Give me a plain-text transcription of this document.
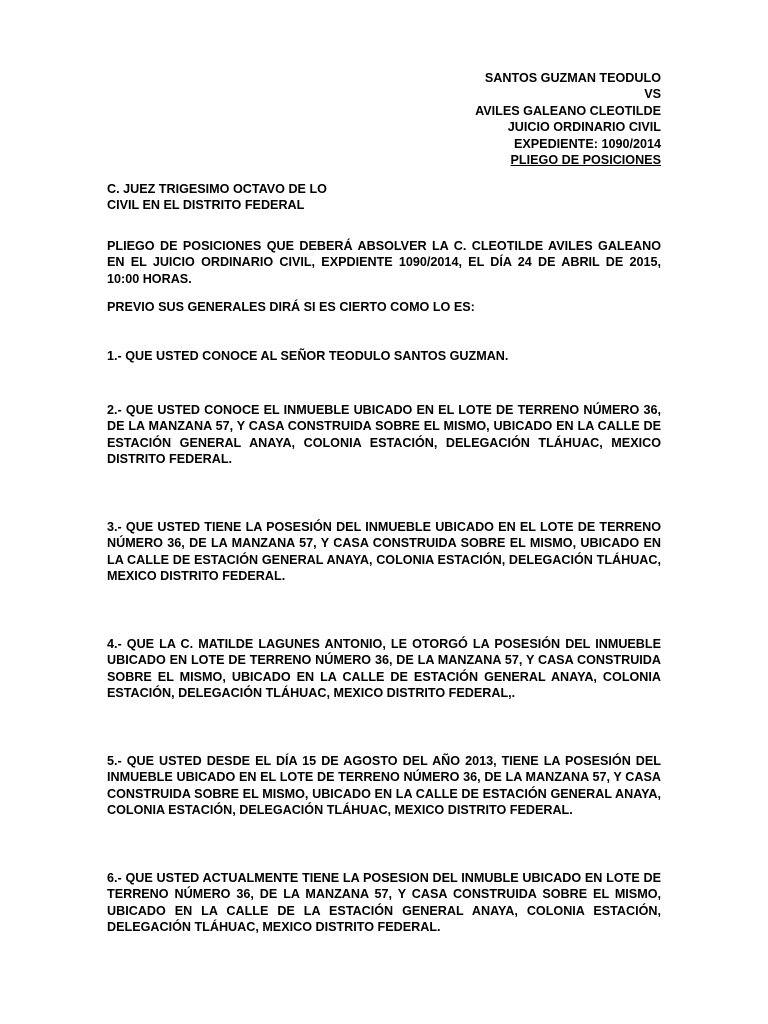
SANTOS GUZMAN TEODULO
VS
AVILES GALEANO CLEOTILDE
JUICIO ORDINARIO CIVIL
EXPEDIENTE: 1090/2014
PLIEGO DE POSICIONES
C. JUEZ TRIGESIMO OCTAVO DE LO
CIVIL EN EL DISTRITO FEDERAL

PLIEGO DE POSICIONES QUE DEBERÁ ABSOLVER LA C. CLEOTILDE AVILES GALEANO EN EL JUICIO ORDINARIO CIVIL, EXPDIENTE 1090/2014, EL DÍA 24 DE ABRIL DE 2015, 10:00 HORAS.

PREVIO SUS GENERALES DIRÁ SI ES CIERTO COMO LO ES:

1.- QUE USTED CONOCE AL SEÑOR TEODULO SANTOS GUZMAN.

2.- QUE USTED CONOCE EL INMUEBLE UBICADO EN EL LOTE DE TERRENO NÚMERO 36, DE LA MANZANA 57, Y CASA CONSTRUIDA SOBRE EL MISMO, UBICADO EN LA CALLE DE ESTACIÓN GENERAL ANAYA, COLONIA ESTACIÓN, DELEGACIÓN TLÁHUAC, MEXICO DISTRITO FEDERAL.

3.- QUE USTED TIENE LA POSESIÓN DEL INMUEBLE UBICADO EN EL LOTE DE TERRENO NÚMERO 36, DE LA MANZANA 57, Y CASA CONSTRUIDA SOBRE EL MISMO, UBICADO EN LA CALLE DE ESTACIÓN GENERAL ANAYA, COLONIA ESTACIÓN, DELEGACIÓN TLÁHUAC, MEXICO DISTRITO FEDERAL.

4.- QUE LA C. MATILDE LAGUNES ANTONIO, LE OTORGÓ LA POSESIÓN DEL INMUEBLE UBICADO EN LOTE DE TERRENO NÚMERO 36, DE LA MANZANA 57, Y CASA CONSTRUIDA SOBRE EL MISMO, UBICADO EN LA CALLE DE ESTACIÓN GENERAL ANAYA, COLONIA ESTACIÓN, DELEGACIÓN TLÁHUAC, MEXICO DISTRITO FEDERAL,.

5.- QUE USTED DESDE EL DÍA 15 DE AGOSTO DEL AÑO 2013, TIENE LA POSESIÓN DEL INMUEBLE UBICADO EN EL LOTE DE TERRENO NÚMERO 36, DE LA MANZANA 57, Y CASA CONSTRUIDA SOBRE EL MISMO, UBICADO EN LA CALLE DE ESTACIÓN GENERAL ANAYA, COLONIA ESTACIÓN, DELEGACIÓN TLÁHUAC, MEXICO DISTRITO FEDERAL.

6.- QUE USTED ACTUALMENTE TIENE LA POSESION DEL INMUBLE UBICADO EN LOTE DE TERRENO NÚMERO 36, DE LA MANZANA 57, Y CASA CONSTRUIDA SOBRE EL MISMO, UBICADO EN LA CALLE DE LA ESTACIÓN GENERAL ANAYA, COLONIA ESTACIÓN, DELEGACIÓN TLÁHUAC, MEXICO DISTRITO FEDERAL.
